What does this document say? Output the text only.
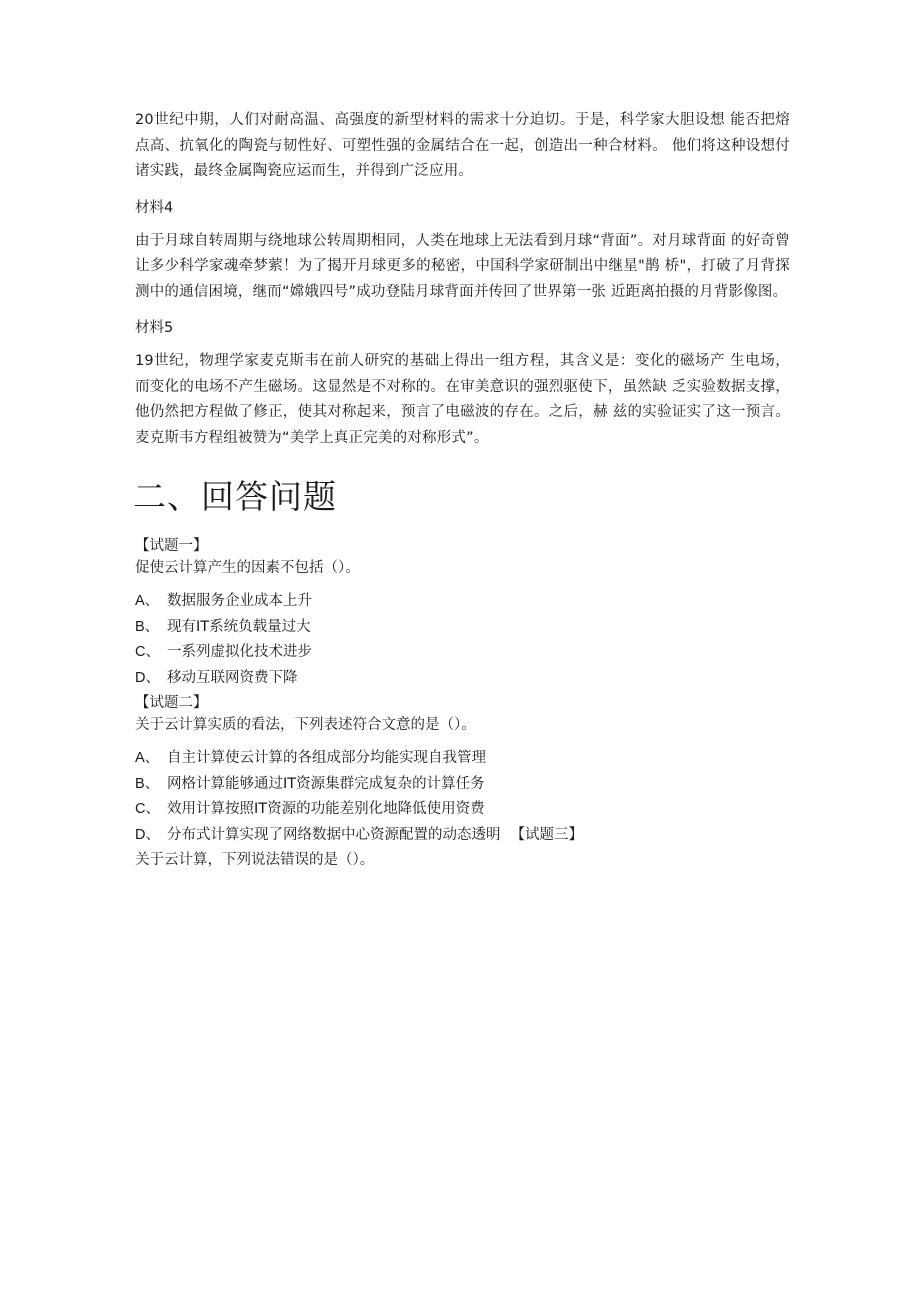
20世纪中期，人们对耐高温、高强度的新型材料的需求十分迫切。于是，科学家大胆设想 能否把熔点高、抗氧化的陶瓷与韧性好、可塑性强的金属结合在一起，创造出一种合材料。 他们将这种设想付诸实践，最终金属陶瓷应运而生，并得到广泛应用。

材料4

由于月球自转周期与绕地球公转周期相同，人类在地球上无法看到月球“背面”。对月球背面 的好奇曾让多少科学家魂牵梦萦！为了揭开月球更多的秘密，中国科学家研制出中继星"鹊 桥"，打破了月背探测中的通信困境，继而“嫦娥四号”成功登陆月球背面并传回了世界第一张 近距离拍摄的月背影像图。

材料5

19世纪，物理学家麦克斯韦在前人研究的基础上得出一组方程，其含义是：变化的磁场产 生电场，而变化的电场不产生磁场。这显然是不对称的。在审美意识的强烈驱使下，虽然缺 乏实验数据支撑，他仍然把方程做了修正，使其对称起来，预言了电磁波的存在。之后，赫 兹的实验证实了这一预言。麦克斯韦方程组被赞为“美学上真正完美的对称形式”。

二、回答问题

【试题一】

促使云计算产生的因素不包括（）。

A、 数据服务企业成本上升
B、 现有IT系统负载量过大
C、 一系列虚拟化技术进步
D、 移动互联网资费下降

【试题二】

关于云计算实质的看法，下列表述符合文意的是（）。

A、 自主计算使云计算的各组成部分均能实现自我管理
B、 网格计算能够通过IT资源集群完成复杂的计算任务
C、 效用计算按照IT资源的功能差别化地降低使用资费
D、 分布式计算实现了网络数据中心资源配置的动态透明 【试题三】

关于云计算，下列说法错误的是（）。
